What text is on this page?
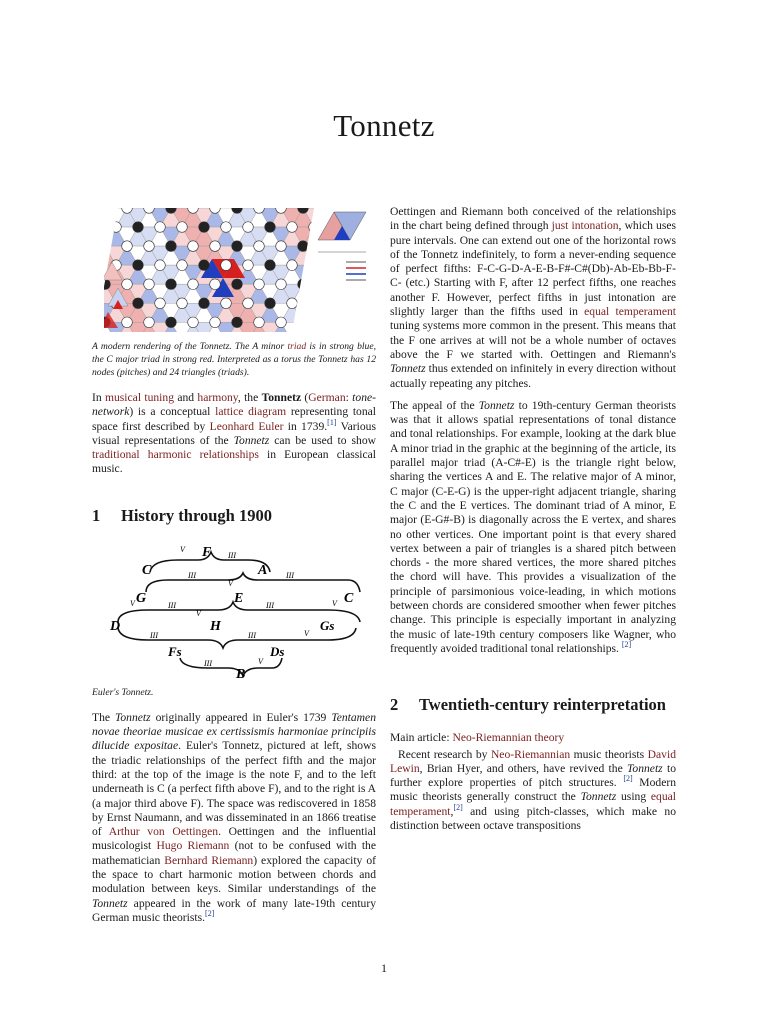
Tonnetz
A modern rendering of the Tonnetz. The A minor triad is in strong blue, the C major triad in strong red. Interpreted as a torus the Tonnetz has 12 nodes (pitches) and 24 triangles (triads).

In musical tuning and harmony, the Tonnetz (German: tone-network) is a conceptual lattice diagram representing tonal space first described by Leonhard Euler in 1739.[1] Various visual representations of the Tonnetz can be used to show traditional harmonic relationships in European classical music.

1	History through 1900
F
C	A
G	E	C
D	H	Gs
Fs	Ds
B
III
III	III
III	III
III	III
III
V
V
V	V
V
V
V
Euler's Tonnetz.

The Tonnetz originally appeared in Euler's 1739 Tentamen novae theoriae musicae ex certissismis harmoniae principiis dilucide expositae. Euler's Tonnetz, pictured at left, shows the triadic relationships of the perfect fifth and the major third: at the top of the image is the note F, and to the left underneath is C (a perfect fifth above F), and to the right is A (a major third above F). The space was rediscovered in 1858 by Ernst Naumann, and was disseminated in an 1866 treatise of Arthur von Oettingen. Oettingen and the influential musicologist Hugo Riemann (not to be confused with the mathematician Bernhard Riemann) explored the capacity of the space to chart harmonic motion between chords and modulation between keys. Similar understandings of the Tonnetz appeared in the work of many late-19th century German music theorists.[2]

Oettingen and Riemann both conceived of the relationships in the chart being defined through just intonation, which uses pure intervals. One can extend out one of the horizontal rows of the Tonnetz indefinitely, to form a never-ending sequence of perfect fifths: F-C-G-D-A-E-B-F#-C#(Db)-Ab-Eb-Bb-F-C- (etc.) Starting with F, after 12 perfect fifths, one reaches another F. However, perfect fifths in just intonation are slightly larger than the fifths used in equal temperament tuning systems more common in the present. This means that the F one arrives at will not be a whole number of octaves above the F we started with. Oettingen and Riemann's Tonnetz thus extended on infinitely in every direction without actually repeating any pitches.

The appeal of the Tonnetz to 19th-century German theorists was that it allows spatial representations of tonal distance and tonal relationships. For example, looking at the dark blue A minor triad in the graphic at the beginning of the article, its parallel major triad (A-C#-E) is the triangle right below, sharing the vertices A and E. The relative major of A minor, C major (C-E-G) is the upper-right adjacent triangle, sharing the C and the E vertices. The dominant triad of A minor, E major (E-G#-B) is diagonally across the E vertex, and shares no other vertices. One important point is that every shared vertex between a pair of triangles is a shared pitch between chords - the more shared vertices, the more shared pitches the chord will have. This provides a visualization of the principle of parsimonious voice-leading, in which motions between chords are considered smoother when fewer pitches change. This principle is especially important in analyzing the music of late-19th century composers like Wagner, who frequently avoided traditional tonal relationships. [2]

2	Twentieth-century reinterpretation

Main article: Neo-Riemannian theory

Recent research by Neo-Riemannian music theorists David Lewin, Brian Hyer, and others, have revived the Tonnetz to further explore properties of pitch structures. [2] Modern music theorists generally construct the Tonnetz using equal temperament,[2] and using pitch-classes, which make no distinction between octave transpositions

1
